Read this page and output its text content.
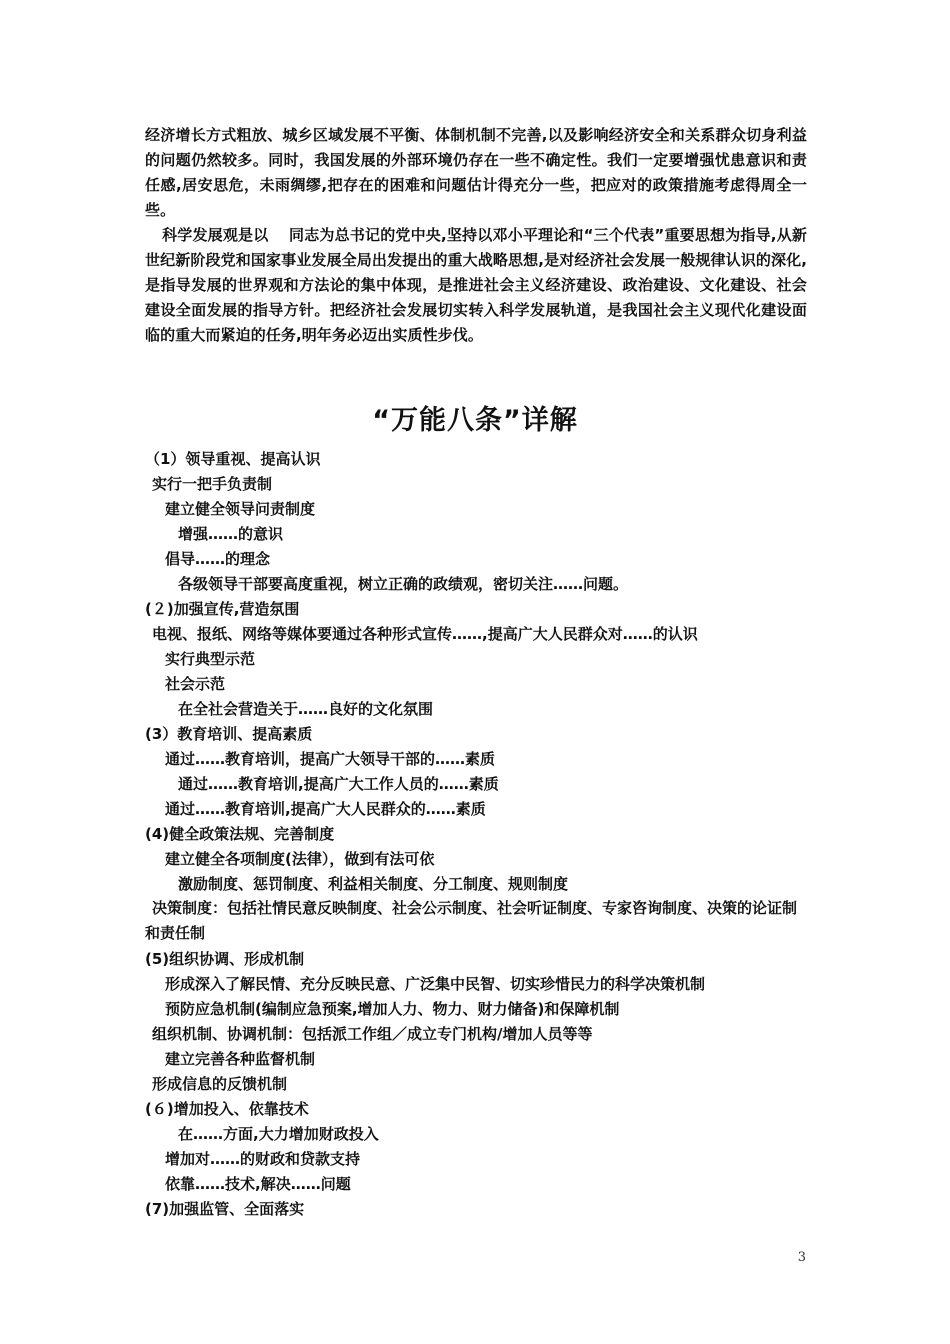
经济增长方式粗放、城乡区域发展不平衡、体制机制不完善,以及影响经济安全和关系群众切身利益的问题仍然较多。同时，我国发展的外部环境仍存在一些不确定性。我们一定要增强忧患意识和责任感,居安思危，未雨绸缪,把存在的困难和问题估计得充分一些，把应对的政策措施考虑得周全一些。

科学发展观是以　 同志为总书记的党中央,坚持以邓小平理论和“三个代表”重要思想为指导,从新世纪新阶段党和国家事业发展全局出发提出的重大战略思想,是对经济社会发展一般规律认识的深化,是指导发展的世界观和方法论的集中体现，是推进社会主义经济建设、政治建设、文化建设、社会建设全面发展的指导方针。把经济社会发展切实转入科学发展轨道，是我国社会主义现代化建设面临的重大而紧迫的任务,明年务必迈出实质性步伐。

“万能八条”详解

（1）领导重视、提高认识

实行一把手负责制

建立健全领导问责制度

增强……的意识

倡导……的理念

各级领导干部要高度重视，树立正确的政绩观，密切关注……问题。

(２)加强宣传,营造氛围

电视、报纸、网络等媒体要通过各种形式宣传……,提高广大人民群众对……的认识

实行典型示范

社会示范

在全社会营造关于……良好的文化氛围

(3）教育培训、提高素质

通过……教育培训，提高广大领导干部的……素质

通过……教育培训,提高广大工作人员的……素质

通过……教育培训,提高广大人民群众的……素质

(4)健全政策法规、完善制度

建立健全各项制度(法律），做到有法可依

激励制度、惩罚制度、利益相关制度、分工制度、规则制度

决策制度：包括社情民意反映制度、社会公示制度、社会听证制度、专家咨询制度、决策的论证制和责任制

(5)组织协调、形成机制

形成深入了解民情、充分反映民意、广泛集中民智、切实珍惜民力的科学决策机制

预防应急机制(编制应急预案,增加人力、物力、财力储备)和保障机制

组织机制、协调机制：包括派工作组／成立专门机构/增加人员等等

建立完善各种监督机制

形成信息的反馈机制

(６)增加投入、依靠技术

在……方面,大力增加财政投入

增加对……的财政和贷款支持

依靠……技术,解决……问题

(7)加强监管、全面落实

3
